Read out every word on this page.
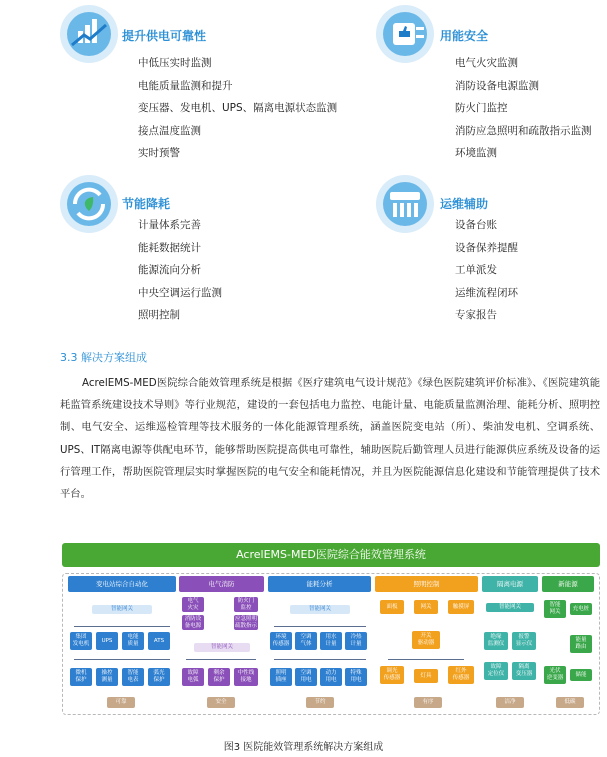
提升供电可靠性
中低压实时监测
电能质量监测和提升
变压器、发电机、UPS、隔离电源状态监测
接点温度监测
实时预警
用能安全
电气火灾监测
消防设备电源监测
防火门监控
消防应急照明和疏散指示监测
环境监测
节能降耗
计量体系完善
能耗数据统计
能源流向分析
中央空调运行监测
照明控制
运维辅助
设备台账
设备保养提醒
工单派发
运维流程闭环
专家报告
3.3 解决方案组成
AcrelEMS-MED医院综合能效管理系统是根据《医疗建筑电气设计规范》《绿色医院建筑评价标准》、《医院建筑能耗监管系统建设技术导则》等行业规范，建设的一套包括电力监控、电能计量、电能质量监测治理、能耗分析、照明控制、电气安全、运维巡检管理等技术服务的一体化能源管理系统，涵盖医院变电站（所）、柴油发电机、空调系统、UPS、IT隔离电源等供配电环节，能够帮助医院提高供电可靠性，辅助医院后勤管理人员进行能源供应系统及设备的运行管理工作，帮助医院管理层实时掌握医院的电气安全和能耗情况，并且为医院能源信息化建设和节能管理提供了技术平台。
AcrelEMS-MED医院综合能效管理系统
变电站综合自动化
智能网关
集团
发电机
UPS
电能
质量
ATS
微机
保护
操控
测量
智能
电表
弧光
保护
可靠
电气消防
电气
火灾
防火门
监控
消防设
备电源
应急照明
疏散指示
智能网关
故障
电弧
剩余
保护
中性线
接地
安全
能耗分析
智能网关
环境
传感器
空调
气体
用水
计量
冷热
计量
照明
插座
空调
用电
动力
用电
特殊
用电
节约
照明控制
面板	网关	触摸屏
开关
驱动器
调光
传感器	灯具
红外
传感器
有序
隔离电源
智能网关
绝缘
监测仪
报警
显示仪
故障
定位仪
隔离
变压器
洁净
新能源
智能
网关
充电桩
能量
路由
光伏
逆变器
储能
低碳
图3 医院能效管理系统解决方案组成
